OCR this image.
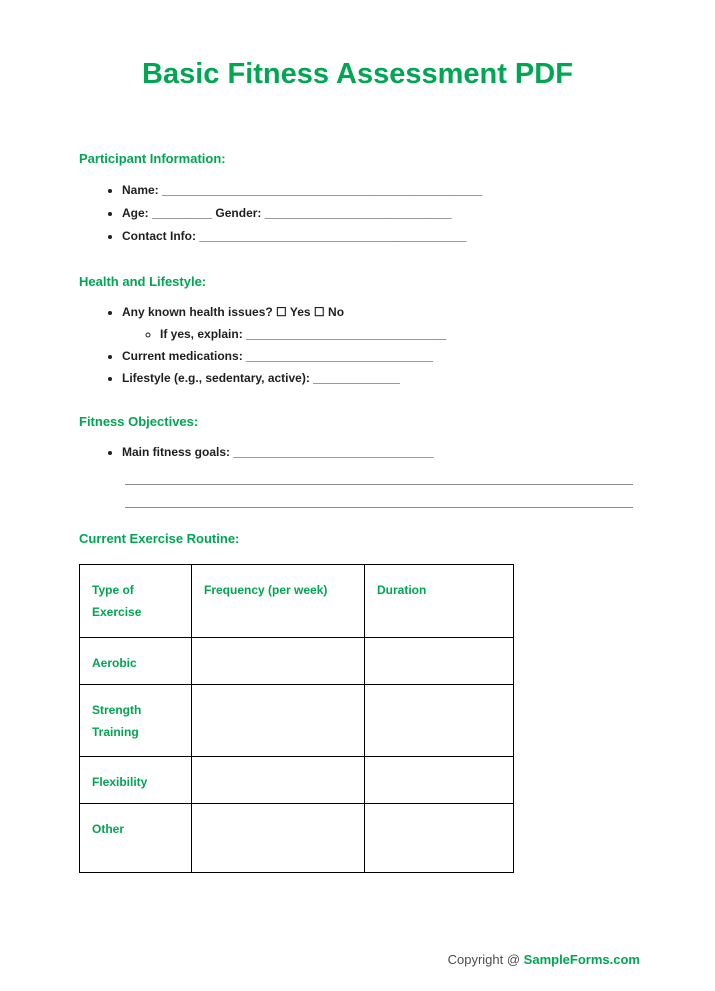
Basic Fitness Assessment PDF
Participant Information:
• Name: ________________________________________________
• Age: _________ Gender: ____________________________
• Contact Info: ________________________________________
Health and Lifestyle:
• Any known health issues? ☐ Yes ☐ No
◦ If yes, explain: ______________________________
• Current medications: ____________________________
• Lifestyle (e.g., sedentary, active): _____________
Fitness Objectives:
• Main fitness goals: ______________________________
Current Exercise Routine:
Type of Exercise	Frequency (per week)	Duration
Aerobic		
Strength Training		
Flexibility		
Other		
Copyright @ SampleForms.com
